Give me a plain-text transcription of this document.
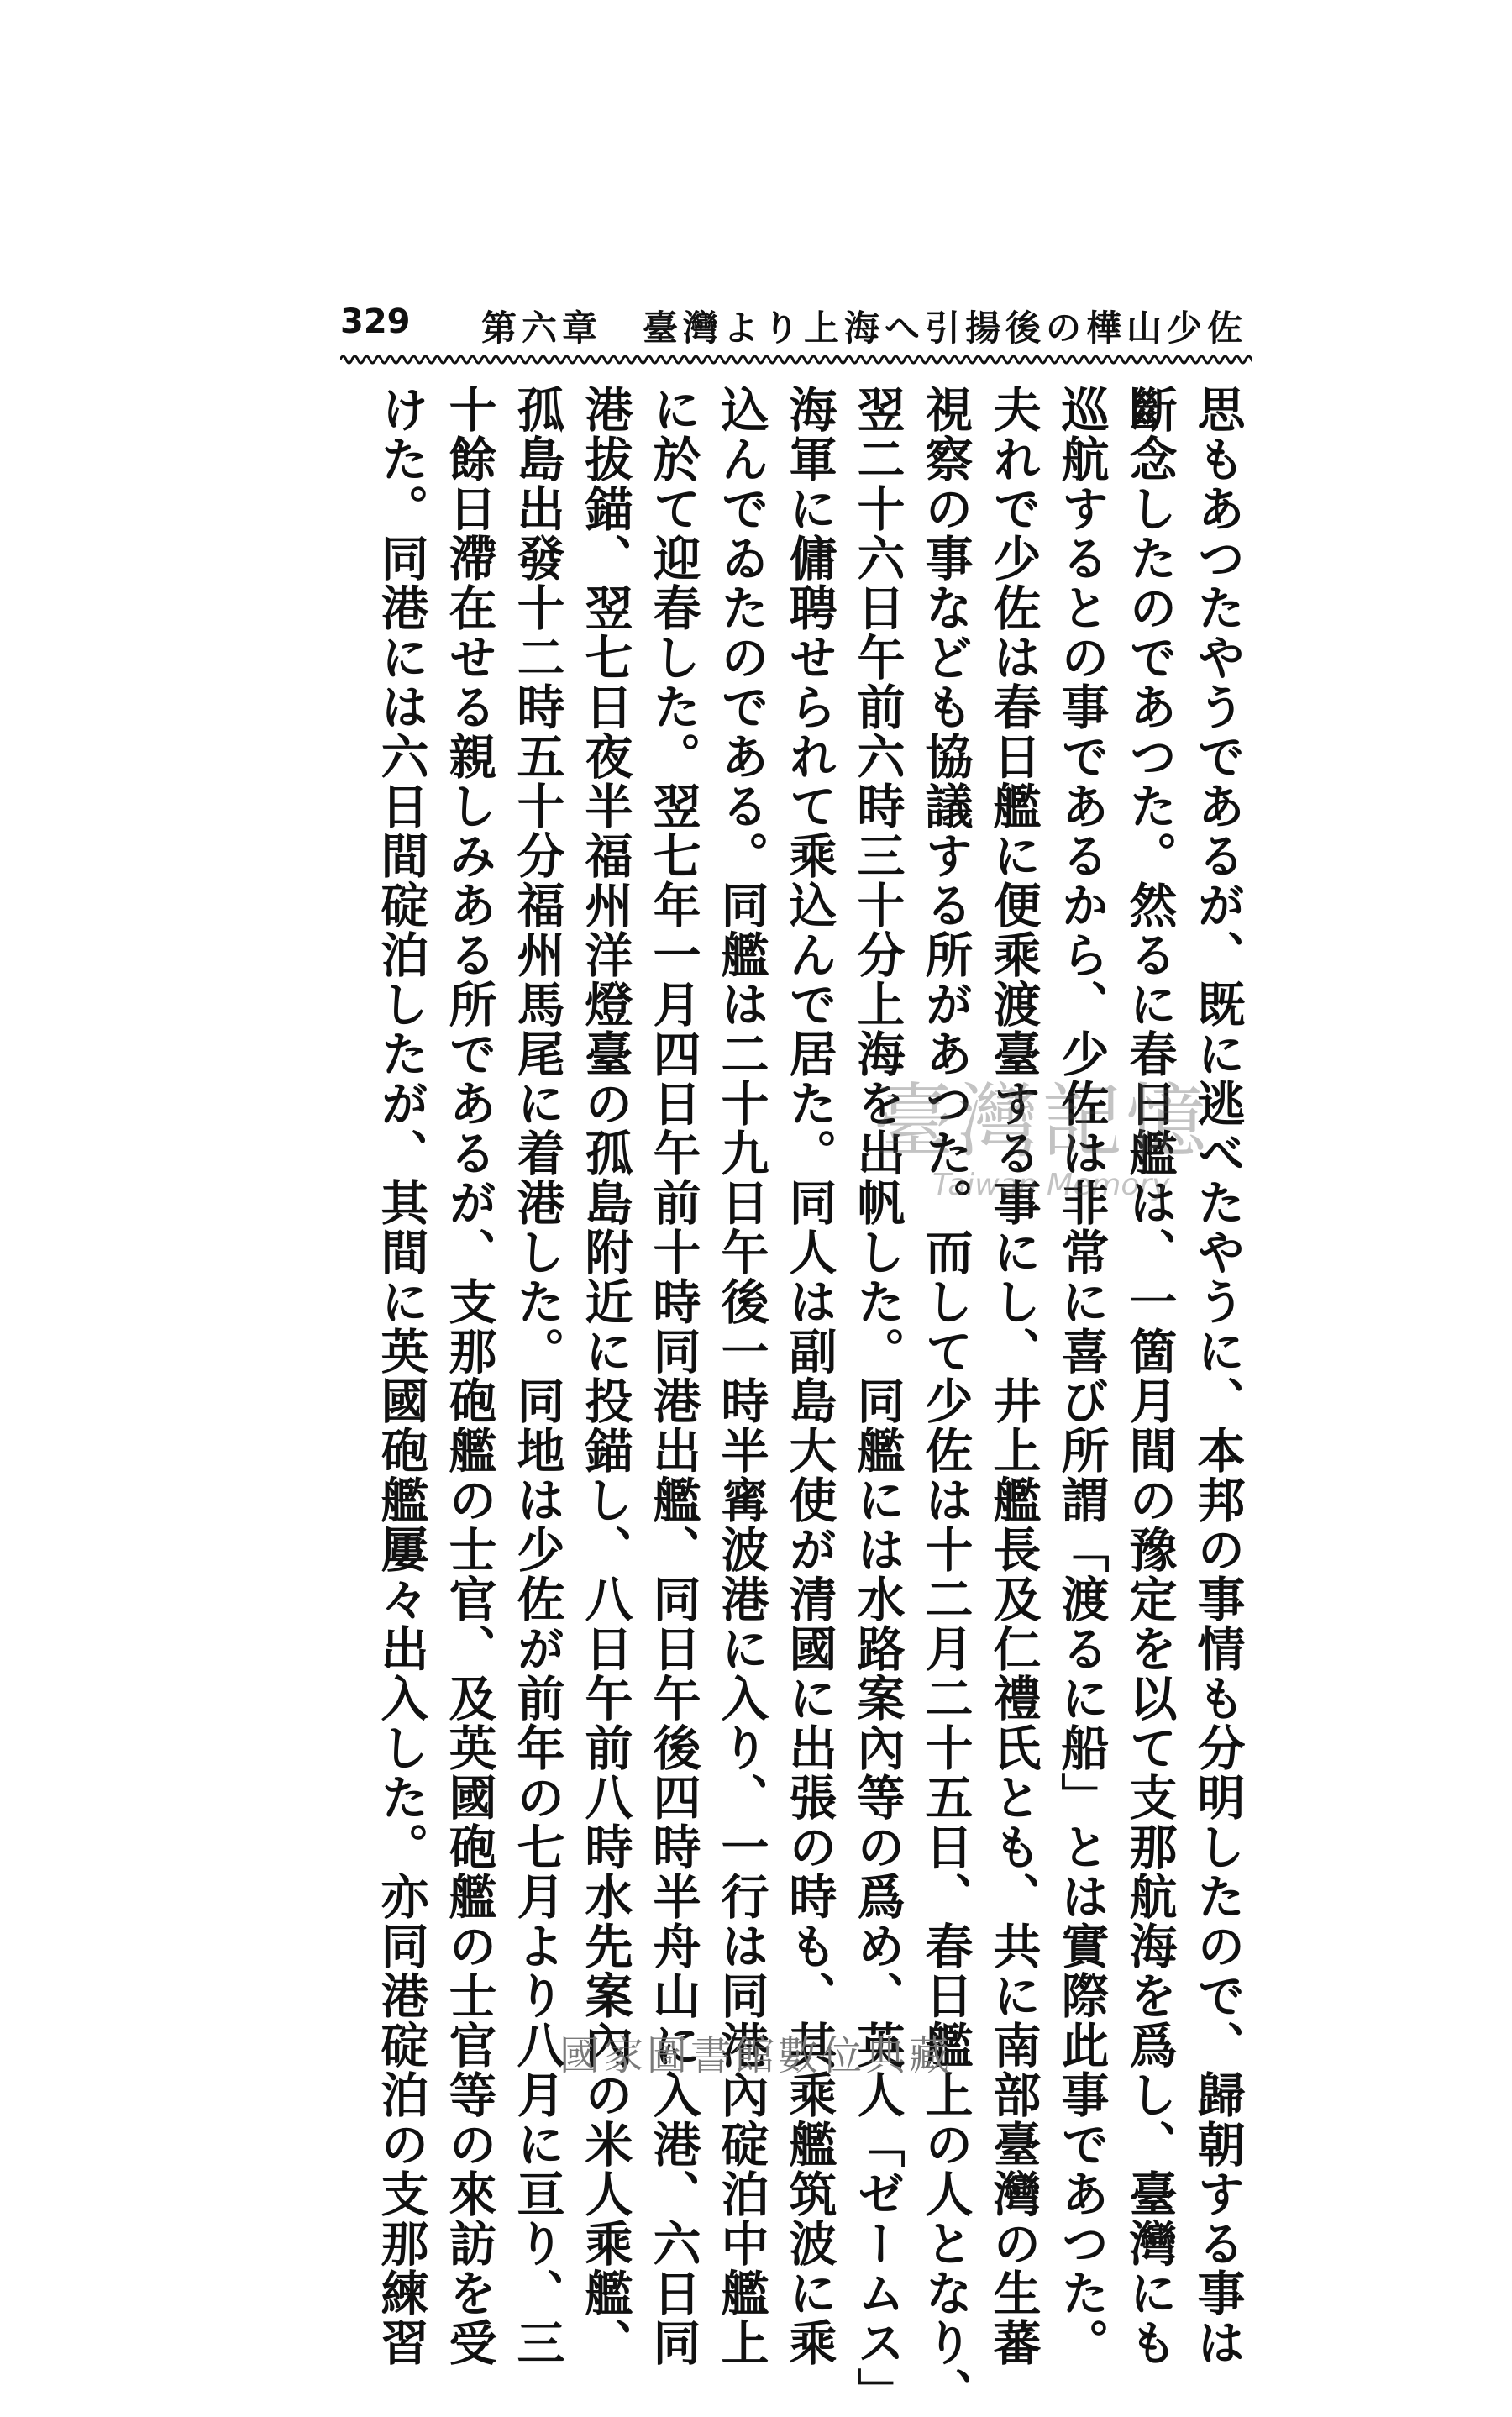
第六章　臺灣より上海へ引揚後の樺山少佐
329
思もあつたやうであるが、既に逃べたやうに、本邦の事情も分明したので、歸朝する事は
斷念したのであつた。然るに春日艦は、一箇月間の豫定を以て支那航海を爲し、臺灣にも
巡航するとの事であるから、少佐は非常に喜び所謂「渡るに船」とは實際此事であつた。
夫れで少佐は春日艦に便乘渡臺する事にし、井上艦長及仁禮氏とも、共に南部臺灣の生蕃
視察の事なども協議する所があつた。而して少佐は十二月二十五日、春日艦上の人となり、
翌二十六日午前六時三十分上海を出帆した。同艦には水路案內等の爲め、英人「ゼームス」
海軍に傭聘せられて乘込んで居た。同人は副島大使が清國に出張の時も、其乘艦筑波に乘
込んでゐたのである。同艦は二十九日午後一時半寗波港に入り、一行は同港內碇泊中艦上
に於て迎春した。翌七年一月四日午前十時同港出艦、同日午後四時半舟山に入港、六日同
港拔錨、翌七日夜半福州洋燈臺の孤島附近に投錨し、八日午前八時水先案內の米人乘艦、
孤島出發十二時五十分福州馬尾に着港した。同地は少佐が前年の七月より八月に亘り、三
十餘日滯在せる親しみある所であるが、支那砲艦の士官、及英國砲艦の士官等の來訪を受
けた。同港には六日間碇泊したが、其間に英國砲艦屢々出入した。亦同港碇泊の支那練習	臺灣記憶
Taiwan Memory
國家圖書館數位典藏
